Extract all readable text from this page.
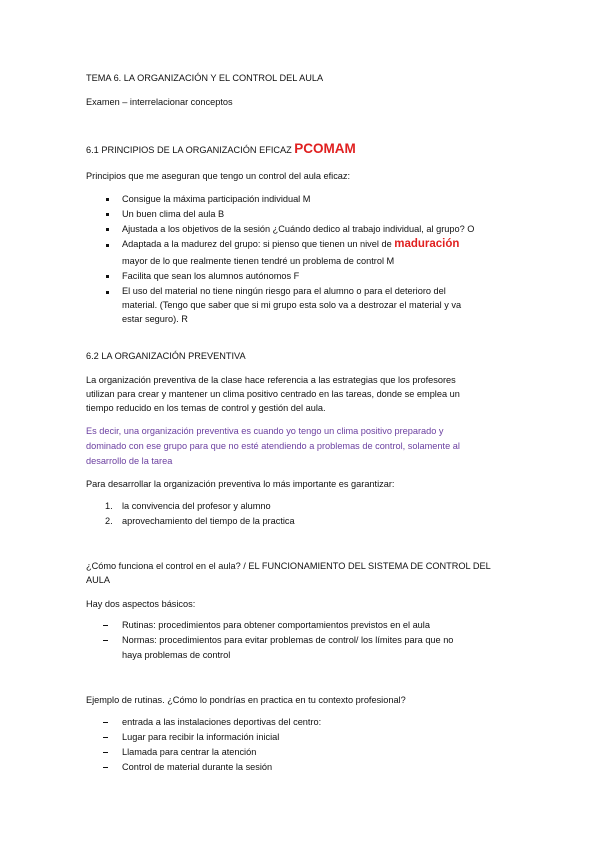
TEMA 6. LA ORGANIZACIÓN Y EL CONTROL DEL AULA
Examen – interrelacionar conceptos
6.1 PRINCIPIOS DE LA ORGANIZACIÓN EFICAZ PCOMAM
Principios que me aseguran que tengo un control del aula eficaz:
Consigue la máxima participación individual M
Un buen clima del aula B
Ajustada a los objetivos de la sesión ¿Cuándo dedico al trabajo individual, al grupo? O
Adaptada a la madurez del grupo: si pienso que tienen un nivel de maduración
mayor de lo que realmente tienen tendré un problema de control M
Facilita que sean los alumnos autónomos F
El uso del material no tiene ningún riesgo para el alumno o para el deterioro del
material. (Tengo que saber que si mi grupo esta solo va a destrozar el material y va
estar seguro). R
6.2 LA ORGANIZACIÓN PREVENTIVA
La organización preventiva de la clase hace referencia a las estrategias que los profesores
utilizan para crear y mantener un clima positivo centrado en las tareas, donde se emplea un
tiempo reducido en los temas de control y gestión del aula.
Es decir, una organización preventiva es cuando yo tengo un clima positivo preparado y
dominado con ese grupo para que no esté atendiendo a problemas de control, solamente al
desarrollo de la tarea
Para desarrollar la organización preventiva lo más importante es garantizar:
1. la convivencia del profesor y alumno
2. aprovechamiento del tiempo de la practica
¿Cómo funciona el control en el aula? / EL FUNCIONAMIENTO DEL SISTEMA DE CONTROL DEL
AULA
Hay dos aspectos básicos:
Rutinas: procedimientos para obtener comportamientos previstos en el aula
Normas: procedimientos para evitar problemas de control/ los límites para que no
haya problemas de control
Ejemplo de rutinas. ¿Cómo lo pondrías en practica en tu contexto profesional?
entrada a las instalaciones deportivas del centro:
Lugar para recibir la información inicial
Llamada para centrar la atención
Control de material durante la sesión
